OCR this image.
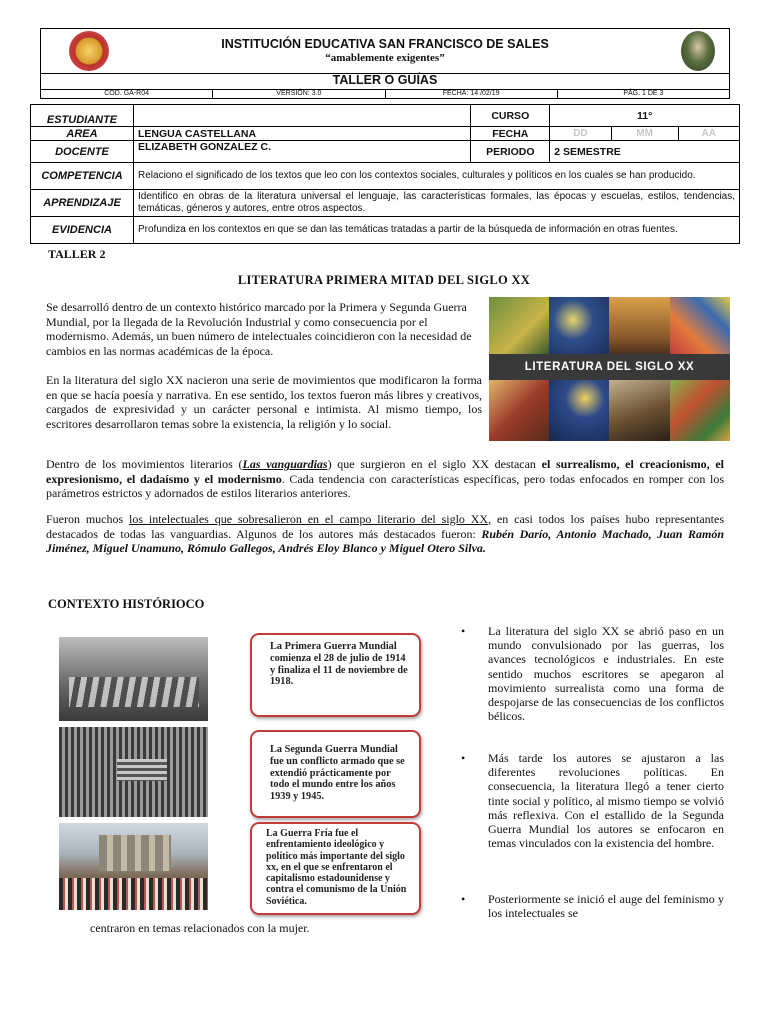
INSTITUCIÓN EDUCATIVA SAN FRANCISCO DE SALES
“amablemente exigentes”
TALLER O GUÍAS
COD. GA-R04	VERSIÓN: 3.0	FECHA: 14 /02/19	PÁG. 1 DE 3
ESTUDIANTE		CURSO	11°		
AREA	LENGUA CASTELLANA	FECHA	DD	MM	AA
DOCENTE	ELIZABETH GONZALEZ C.	PERIODO	2 SEMESTRE		
COMPETENCIA	Relaciono el significado de los textos que leo con los contextos sociales, culturales y políticos en los cuales se han producido.				
APRENDIZAJE	Identifico en obras de la literatura universal el lenguaje, las características formales, las épocas y escuelas, estilos, tendencias, temáticas, géneros y autores, entre otros aspectos.				
EVIDENCIA	Profundiza en los contextos en que se dan las temáticas tratadas a partir de la búsqueda de información en otras fuentes.				
TALLER 2
LITERATURA PRIMERA MITAD DEL SIGLO XX
Se desarrolló dentro de un contexto histórico marcado por la Primera y Segunda Guerra Mundial, por la llegada de la Revolución Industrial y como consecuencia por el modernismo. Además, un buen número de intelectuales coincidieron con la necesidad de cambios en las normas académicas de la época.
En la literatura del siglo XX nacieron una serie de movimientos que modificaron la forma en que se hacía poesía y narrativa. En ese sentido, los textos fueron más libres y creativos, cargados de expresividad y un carácter personal e intimista. Al mismo tiempo, los escritores desarrollaron temas sobre la existencia, la religión y lo social.
LITERATURA DEL SIGLO XX
Dentro de los movimientos literarios (Las vanguardias) que surgieron en el siglo XX destacan el surrealismo, el creacionismo, el expresionismo, el dadaísmo y el modernismo. Cada tendencia con características específicas, pero todas enfocados en romper con los parámetros estrictos y adornados de estilos literarios anteriores.
Fueron muchos los intelectuales que sobresalieron en el campo literario del siglo XX, en casi todos los países hubo representantes destacados de todas las vanguardias. Algunos de los autores más destacados fueron: Rubén Darío, Antonio Machado, Juan Ramón Jiménez, Miguel Unamuno, Rómulo Gallegos, Andrés Eloy Blanco y Miguel Otero Silva.
CONTEXTO HISTÓRIOCO
La Primera Guerra Mundial comienza el 28 de julio de 1914 y finaliza el 11 de noviembre de 1918.
La Segunda Guerra Mundial fue un conflicto armado que se extendió prácticamente por todo el mundo entre los años 1939 y 1945.
La Guerra Fría fue el enfrentamiento ideológico y político más importante del siglo xx, en el que se enfrentaron el capitalismo estadounidense y contra el comunismo de la Unión Soviética.
• La literatura del siglo XX se abrió paso en un mundo convulsionado por las guerras, los avances tecnológicos e industriales. En este sentido muchos escritores se apegaron al movimiento surrealista como una forma de despojarse de las consecuencias de los conflictos bélicos.
• Más tarde los autores se ajustaron a las diferentes revoluciones políticas. En consecuencia, la literatura llegó a tener cierto tinte social y político, al mismo tiempo se volvió más reflexiva. Con el estallido de la Segunda Guerra Mundial los autores se enfocaron en temas vinculados con la existencia del hombre.
• Posteriormente se inició el auge del feminismo y los intelectuales se
centraron en temas relacionados con la mujer.
